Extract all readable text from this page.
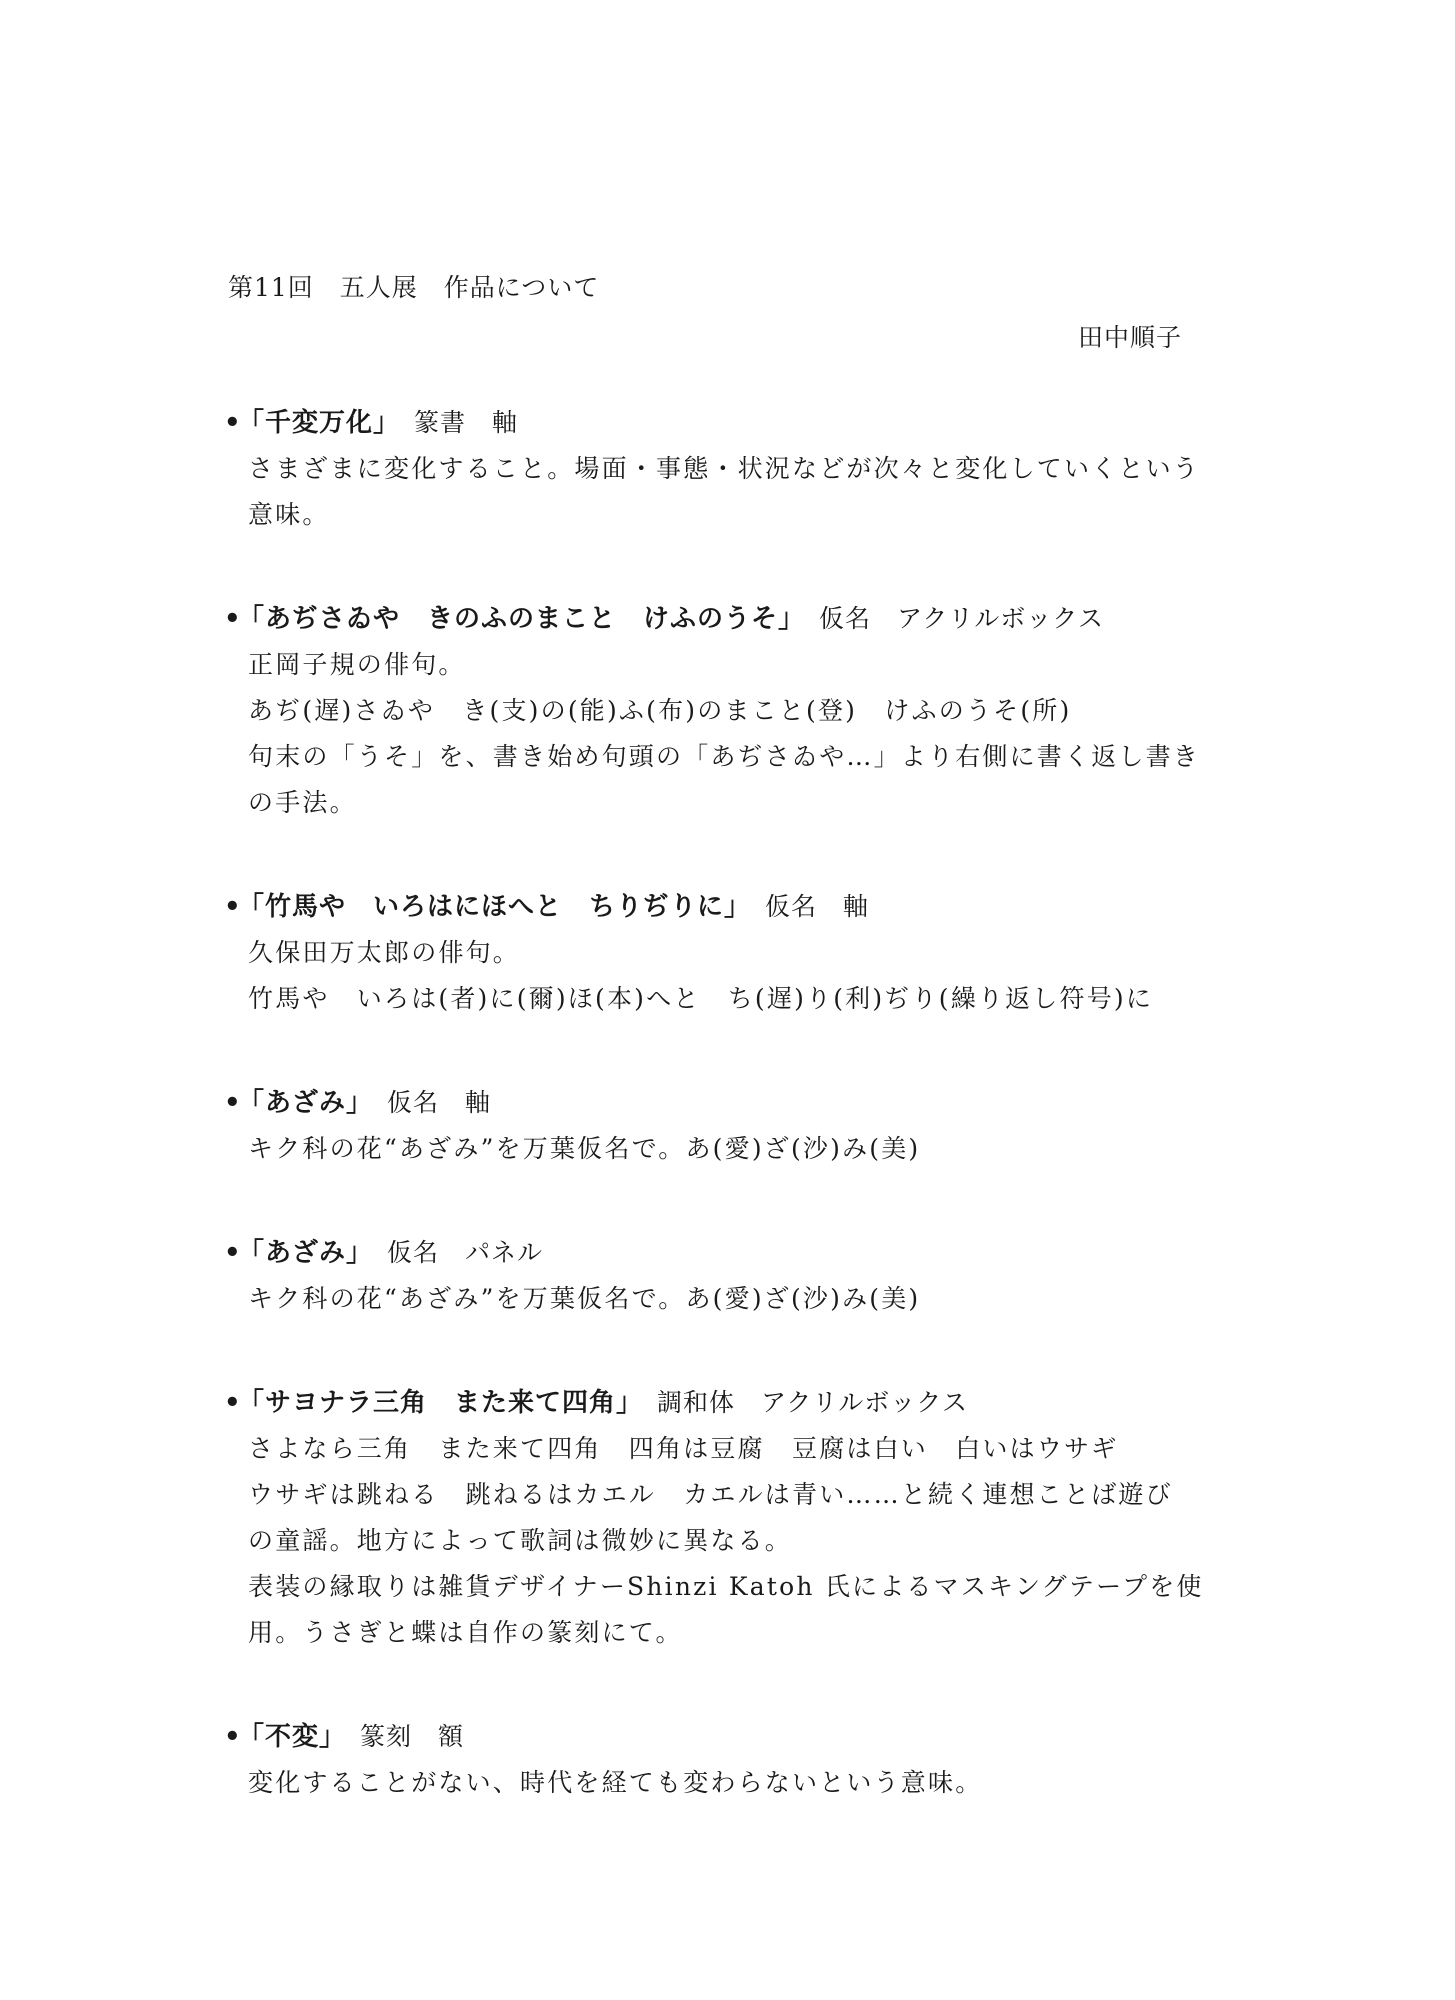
第11回　五人展　作品について
田中順子
•「千変万化」　 篆書　軸
さまざまに変化すること。場面・事態・状況などが次々と変化していくという
意味。
•「あぢさゐや　きのふのまこと　けふのうそ」　 仮名　アクリルボックス
正岡子規の俳句。
あぢ(遅)さゐや　き(支)の(能)ふ(布)のまこと(登)　けふのうそ(所)
句末の「うそ」を、書き始め句頭の「あぢさゐや…」より右側に書く返し書き
の手法。
•「竹馬や　いろはにほへと　ちりぢりに」　 仮名　軸
久保田万太郎の俳句。
竹馬や　いろは(者)に(爾)ほ(本)へと　ち(遅)り(利)ぢり(繰り返し符号)に
•「あざみ」　 仮名　軸
キク科の花“あざみ”を万葉仮名で。あ(愛)ざ(沙)み(美)
•「あざみ」　 仮名　パネル
キク科の花“あざみ”を万葉仮名で。あ(愛)ざ(沙)み(美)
•「サヨナラ三角　また来て四角」　 調和体　アクリルボックス
さよなら三角　また来て四角　四角は豆腐　豆腐は白い　白いはウサギ
ウサギは跳ねる　跳ねるはカエル　カエルは青い……と続く連想ことば遊び
の童謡。地方によって歌詞は微妙に異なる。
表装の縁取りは雑貨デザイナーShinzi Katoh 氏によるマスキングテープを使
用。うさぎと蝶は自作の篆刻にて。
•「不変」　 篆刻　額
変化することがない、時代を経ても変わらないという意味。
